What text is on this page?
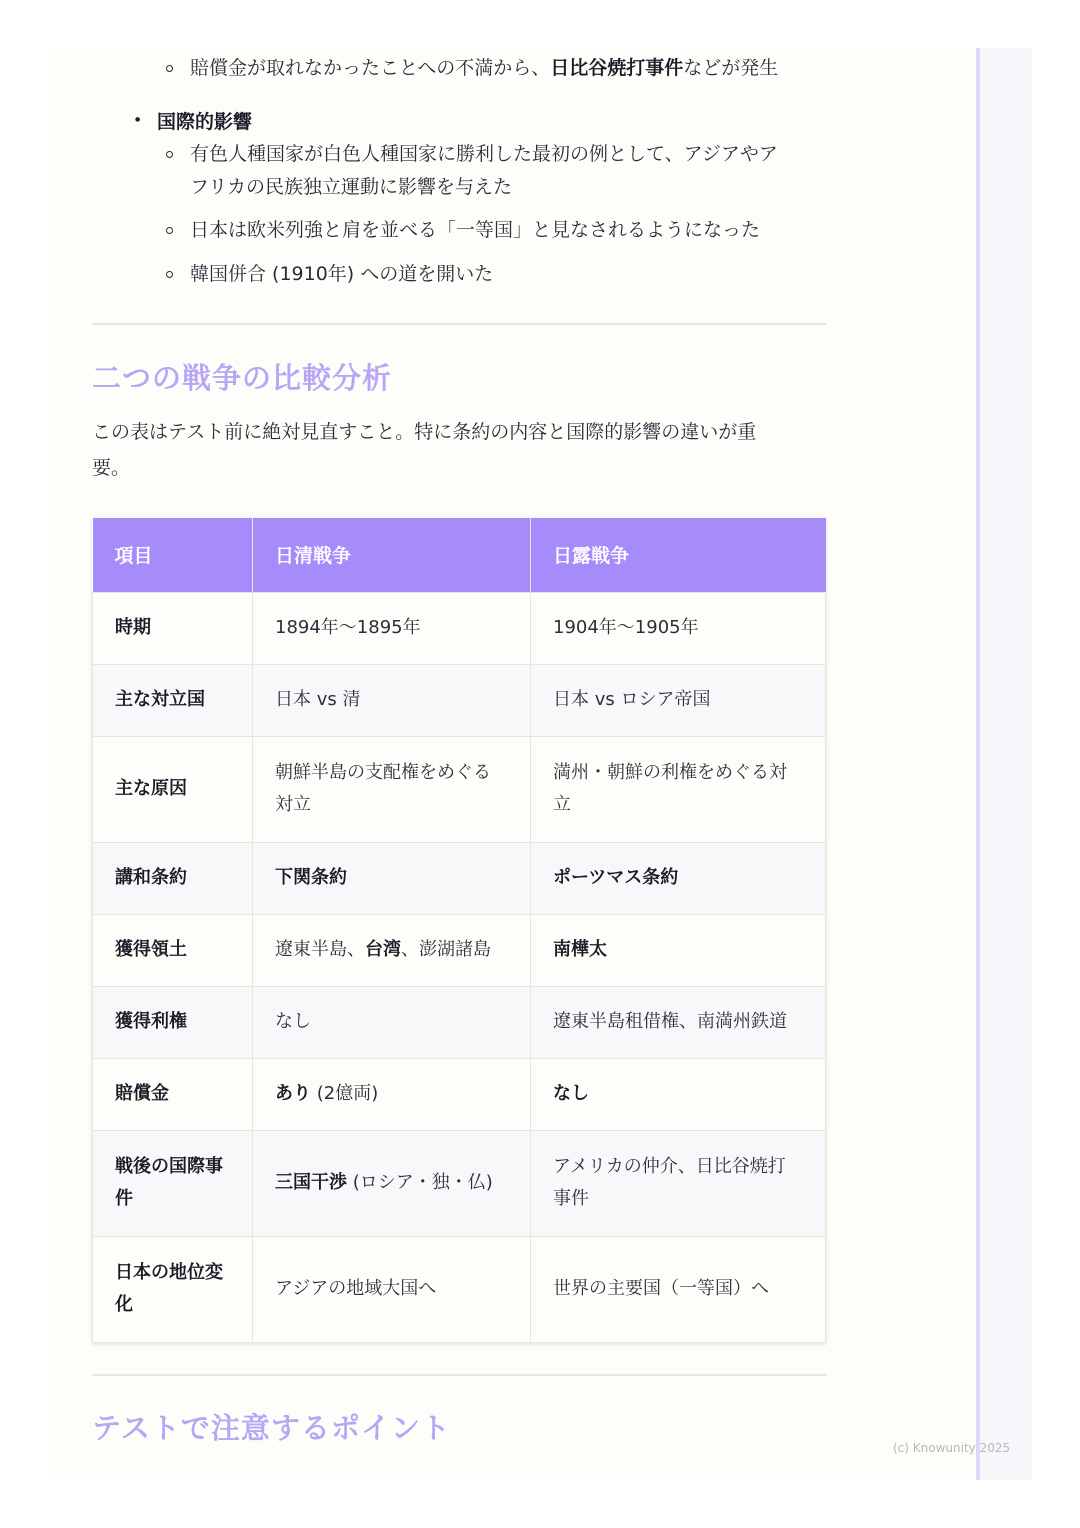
賠償金が取れなかったことへの不満から、日比谷焼打事件などが発生
● 国際的影響
有色人種国家が白色人種国家に勝利した最初の例として、アジアやア
フリカの民族独立運動に影響を与えた
日本は欧米列強と肩を並べる「一等国」と見なされるようになった
韓国併合 (1910年) への道を開いた
二つの戦争の比較分析
この表はテスト前に絶対見直すこと。特に条約の内容と国際的影響の違いが重
要。
項目	日清戦争	日露戦争
時期	1894年〜1895年	1904年〜1905年
主な対立国	日本 vs 清	日本 vs ロシア帝国
主な原因	朝鮮半島の支配権をめぐる対立	満州・朝鮮の利権をめぐる対立
講和条約	下関条約	ポーツマス条約
獲得領土	遼東半島、台湾、澎湖諸島	南樺太
獲得利権	なし	遼東半島租借権、南満州鉄道
賠償金	あり (2億両)	なし
戦後の国際事件	三国干渉 (ロシア・独・仏)	アメリカの仲介、日比谷焼打事件
日本の地位変化	アジアの地域大国へ	世界の主要国（一等国）へ
テストで注意するポイント
(c) Knowunity 2025
